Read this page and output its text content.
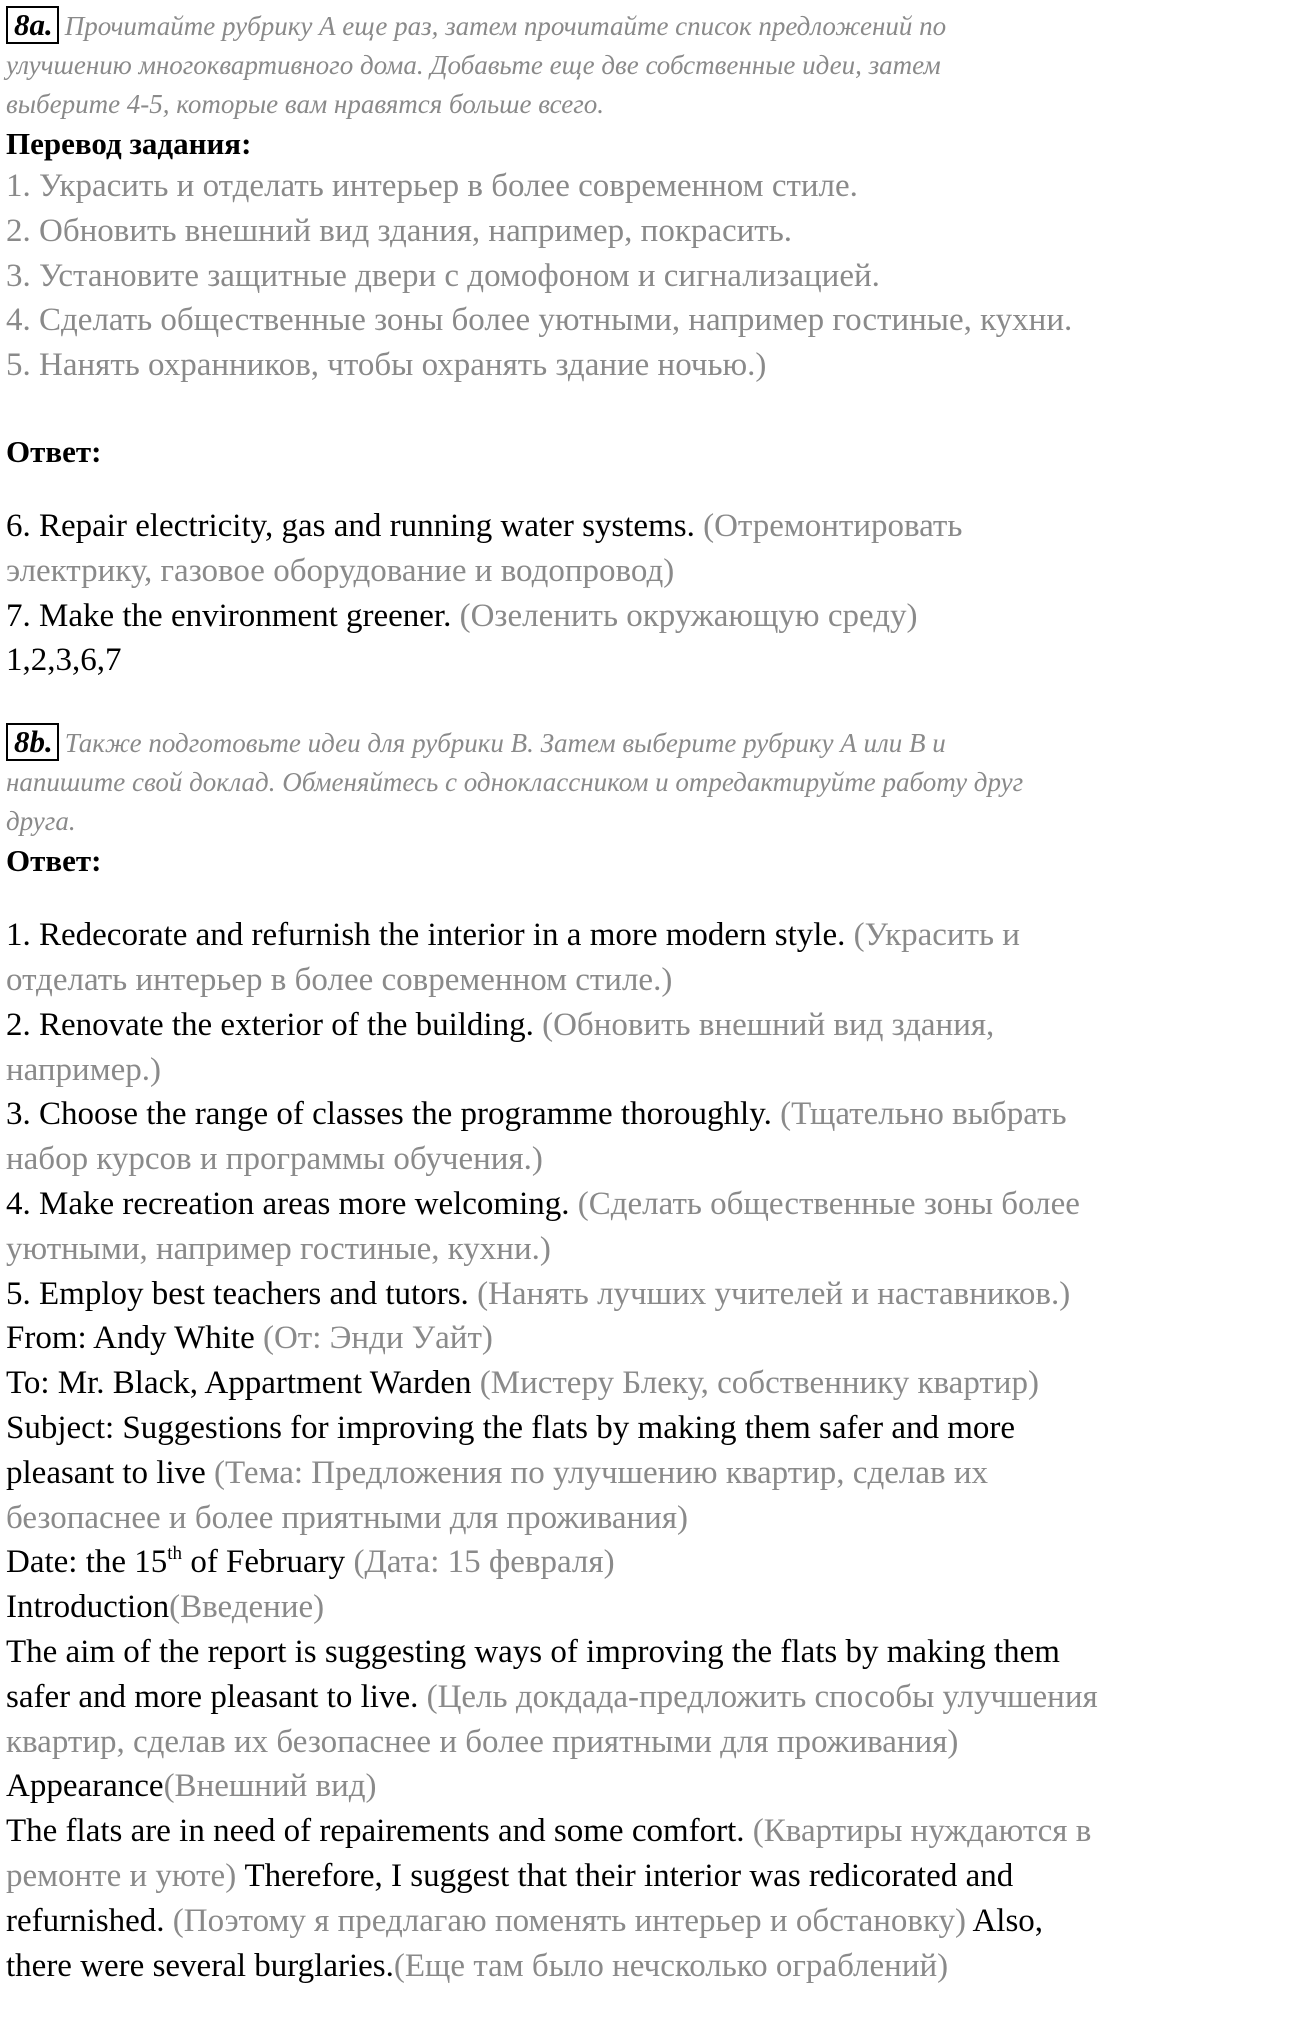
8a. Прочитайте рубрику А еще раз, затем прочитайте список предложений по

улучшению многоквартивного дома. Добавьте еще две собственные идеи, затем

выберите 4-5, которые вам нравятся больше всего.

Перевод задания:

1. Украсить и отделать интерьер в более современном стиле.

2. Обновить внешний вид здания, например, покрасить.

3. Установите защитные двери с домофоном и сигнализацией.

4. Сделать общественные зоны более уютными, например гостиные, кухни.

5. Нанять охранников, чтобы охранять здание ночью.)

Ответ:

6. Repair electricity, gas and running water systems. (Отремонтировать

электрику, газовое оборудование и водопровод)

7. Make the environment greener. (Озеленить окружающую среду)

1,2,3,6,7

8b. Также подготовьте идеи для рубрики В. Затем выберите рубрику А или В и

напишите свой доклад. Обменяйтесь с одноклассником и отредактируйте работу друг

друга.

Ответ:

1. Redecorate and refurnish the interior in a more modern style. (Украсить и

отделать интерьер в более современном стиле.)

2. Renovate the exterior of the building. (Обновить внешний вид здания,

например.)

3. Choose the range of classes the programme thoroughly. (Тщательно выбрать

набор курсов и программы обучения.)

4. Make recreation areas more welcoming. (Сделать общественные зоны более

уютными, например гостиные, кухни.)

5. Employ best teachers and tutors. (Нанять лучших учителей и наставников.)

From: Andy White (От: Энди Уайт)

To: Mr. Black, Appartment Warden (Мистеру Блеку, собственнику квартир)

Subject: Suggestions for improving the flats by making them safer and more

pleasant to live (Тема: Предложения по улучшению квартир, сделав их

безопаснее и более приятными для проживания)

Date: the 15th of February (Дата: 15 февраля)

Introduction(Введение)

The aim of the report is suggesting ways of improving the flats by making them

safer and more pleasant to live. (Цель докдада-предложить способы улучшения

квартир, сделав их безопаснее и более приятными для проживания)

Appearance(Внешний вид)

The flats are in need of repairements and some comfort. (Квартиры нуждаются в

ремонте и уюте) Therefore, I suggest that their interior was redicorated and

refurnished. (Поэтому я предлагаю поменять интерьер и обстановку) Also,

there were several burglaries.(Еще там было нечсколько ограблений)
